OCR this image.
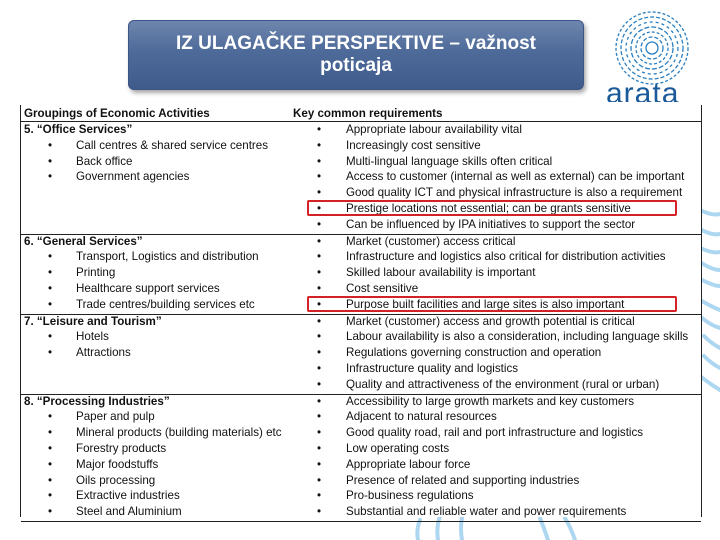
IZ ULAGAČKE PERSPEKTIVE – važnost
poticaja
arata
Groupings of Economic Activities	Key common requirements
5. “Office Services”	• Appropriate labour availability vital
• Call centres & shared service centres	• Increasingly cost sensitive
• Back office	• Multi-lingual language skills often critical
• Government agencies	• Access to customer (internal as well as external) can be important
• Good quality ICT and physical infrastructure is also a requirement
• Prestige locations not essential; can be grants sensitive
• Can be influenced by IPA initiatives to support the sector
6. “General Services”	• Market (customer) access critical
• Transport, Logistics and distribution	• Infrastructure and logistics also critical for distribution activities
• Printing	• Skilled labour availability is important
• Healthcare support services	• Cost sensitive
• Trade centres/building services etc	• Purpose built facilities and large sites is also important
7. “Leisure and Tourism”	• Market (customer) access and growth potential is critical
• Hotels	• Labour availability is also a consideration, including language skills
• Attractions	• Regulations governing construction and operation
• Infrastructure quality and logistics
• Quality and attractiveness of the environment (rural or urban)
8. “Processing Industries”	• Accessibility to large growth markets and key customers
• Paper and pulp	• Adjacent to natural resources
• Mineral products (building materials) etc	• Good quality road, rail and port infrastructure and logistics
• Forestry products	• Low operating costs
• Major foodstuffs	• Appropriate labour force
• Oils processing	• Presence of related and supporting industries
• Extractive industries	• Pro-business regulations
• Steel and Aluminium	• Substantial and reliable water and power requirements
